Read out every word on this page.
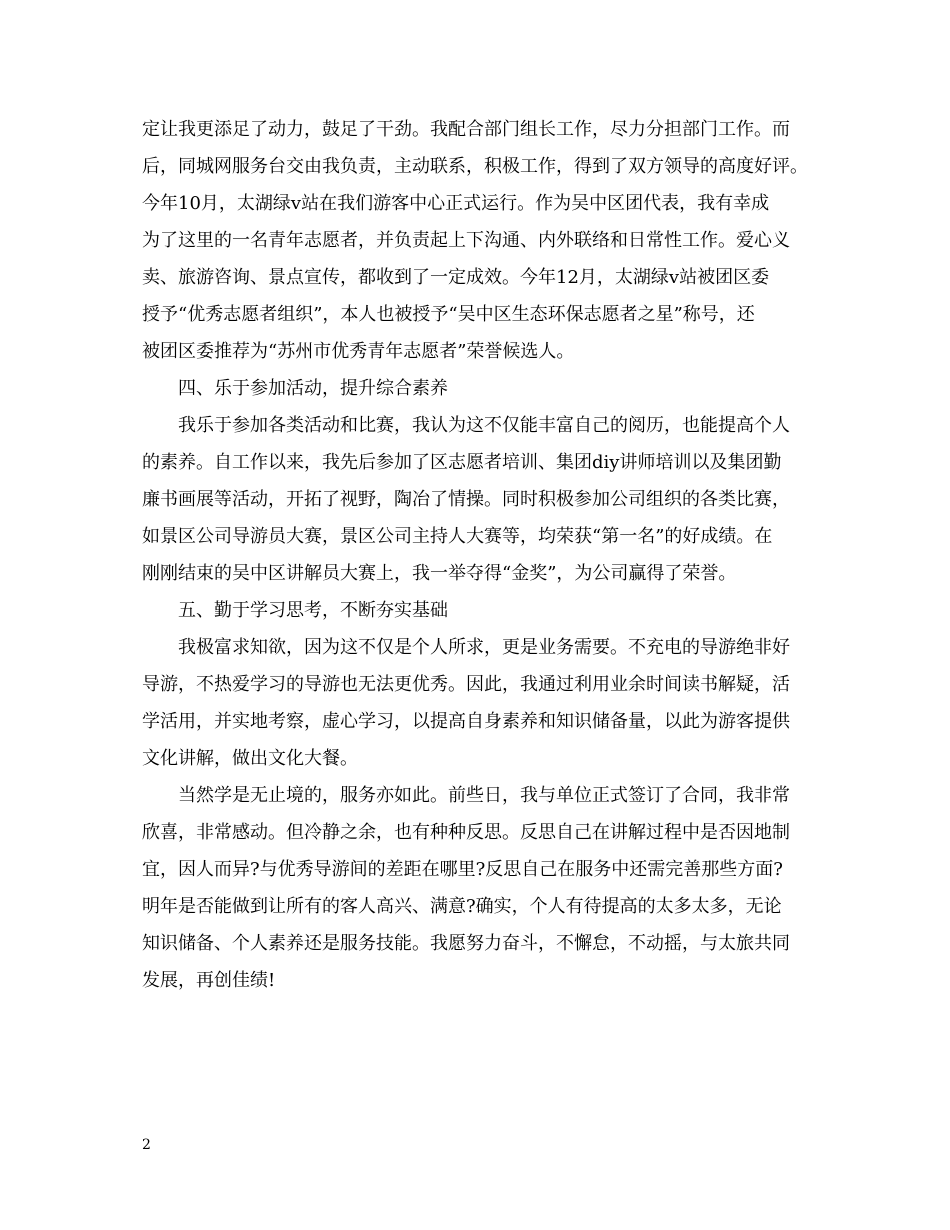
定让我更添足了动力，鼓足了干劲。我配合部门组长工作，尽力分担部门工作。而
后，同城网服务台交由我负责，主动联系，积极工作，得到了双方领导的高度好评。
今年10月，太湖绿v站在我们游客中心正式运行。作为吴中区团代表，我有幸成
为了这里的一名青年志愿者，并负责起上下沟通、内外联络和日常性工作。爱心义
卖、旅游咨询、景点宣传，都收到了一定成效。今年12月，太湖绿v站被团区委
授予“优秀志愿者组织”，本人也被授予“吴中区生态环保志愿者之星”称号，还
被团区委推荐为“苏州市优秀青年志愿者”荣誉候选人。
四、乐于参加活动，提升综合素养
我乐于参加各类活动和比赛，我认为这不仅能丰富自己的阅历，也能提高个人
的素养。自工作以来，我先后参加了区志愿者培训、集团diy讲师培训以及集团勤
廉书画展等活动，开拓了视野，陶冶了情操。同时积极参加公司组织的各类比赛，
如景区公司导游员大赛，景区公司主持人大赛等，均荣获“第一名”的好成绩。在
刚刚结束的吴中区讲解员大赛上，我一举夺得“金奖”，为公司赢得了荣誉。
五、勤于学习思考，不断夯实基础
我极富求知欲，因为这不仅是个人所求，更是业务需要。不充电的导游绝非好
导游，不热爱学习的导游也无法更优秀。因此，我通过利用业余时间读书解疑，活
学活用，并实地考察，虚心学习，以提高自身素养和知识储备量，以此为游客提供
文化讲解，做出文化大餐。
当然学是无止境的，服务亦如此。前些日，我与单位正式签订了合同，我非常
欣喜，非常感动。但冷静之余，也有种种反思。反思自己在讲解过程中是否因地制
宜，因人而异?与优秀导游间的差距在哪里?反思自己在服务中还需完善那些方面?
明年是否能做到让所有的客人高兴、满意?确实，个人有待提高的太多太多，无论
知识储备、个人素养还是服务技能。我愿努力奋斗，不懈怠，不动摇，与太旅共同
发展，再创佳绩!
2
